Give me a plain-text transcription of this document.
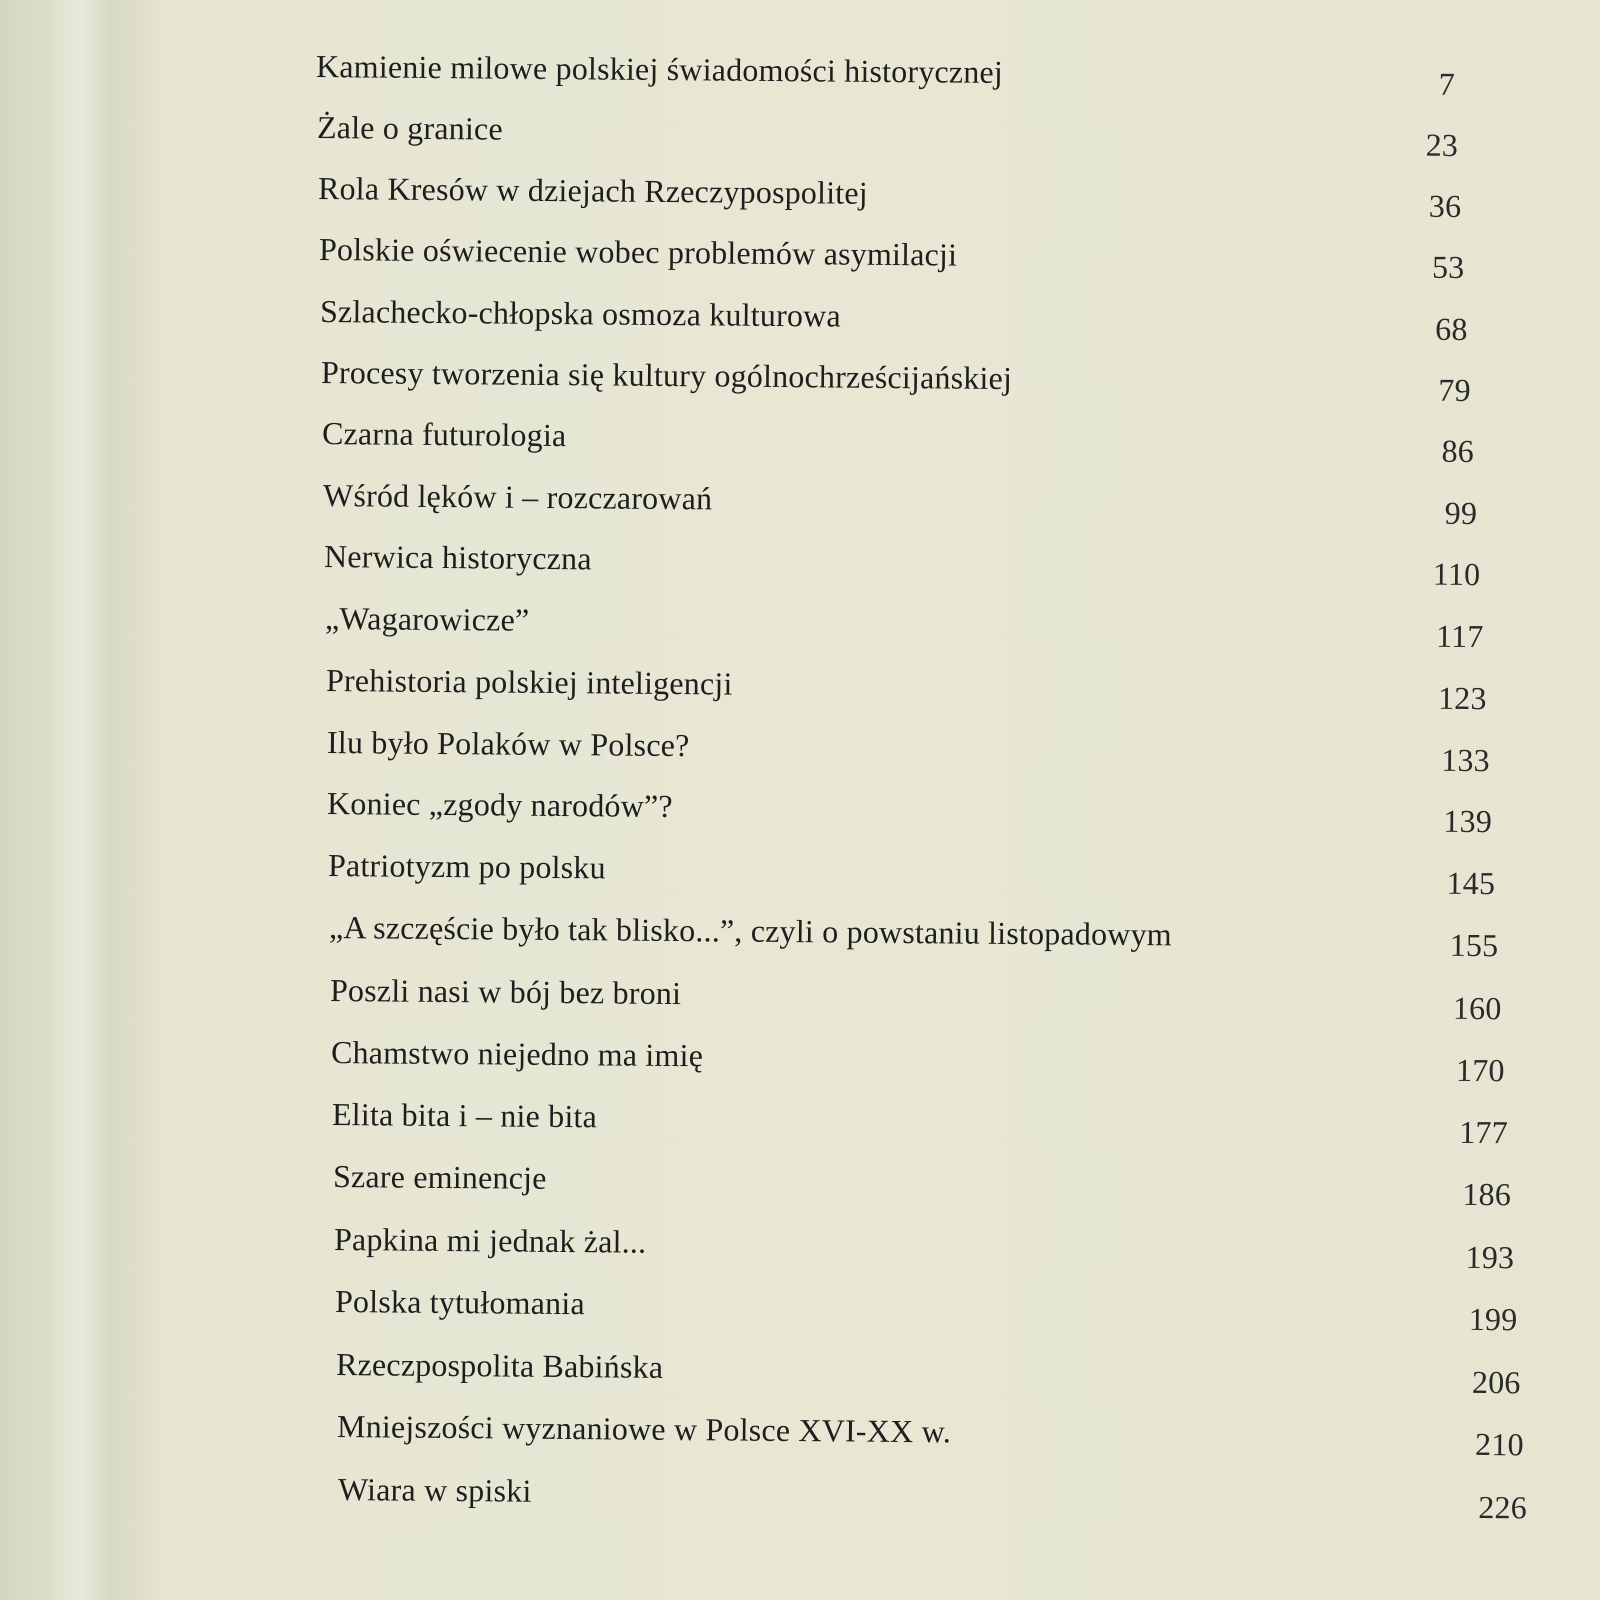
Kamienie milowe polskiej świadomości historycznej	7
Żale o granice	23
Rola Kresów w dziejach Rzeczypospolitej	36
Polskie oświecenie wobec problemów asymilacji	53
Szlachecko-chłopska osmoza kulturowa	68
Procesy tworzenia się kultury ogólnochrześcijańskiej	79
Czarna futurologia	86
Wśród lęków i – rozczarowań	99
Nerwica historyczna	110
„Wagarowicze”	117
Prehistoria polskiej inteligencji	123
Ilu było Polaków w Polsce?	133
Koniec „zgody narodów”?	139
Patriotyzm po polsku	145
„A szczęście było tak blisko...”, czyli o powstaniu listopadowym	155
Poszli nasi w bój bez broni	160
Chamstwo niejedno ma imię	170
Elita bita i – nie bita	177
Szare eminencje	186
Papkina mi jednak żal...	193
Polska tytułomania	199
Rzeczpospolita Babińska	206
Mniejszości wyznaniowe w Polsce XVI-XX w.	210
Wiara w spiski	226
